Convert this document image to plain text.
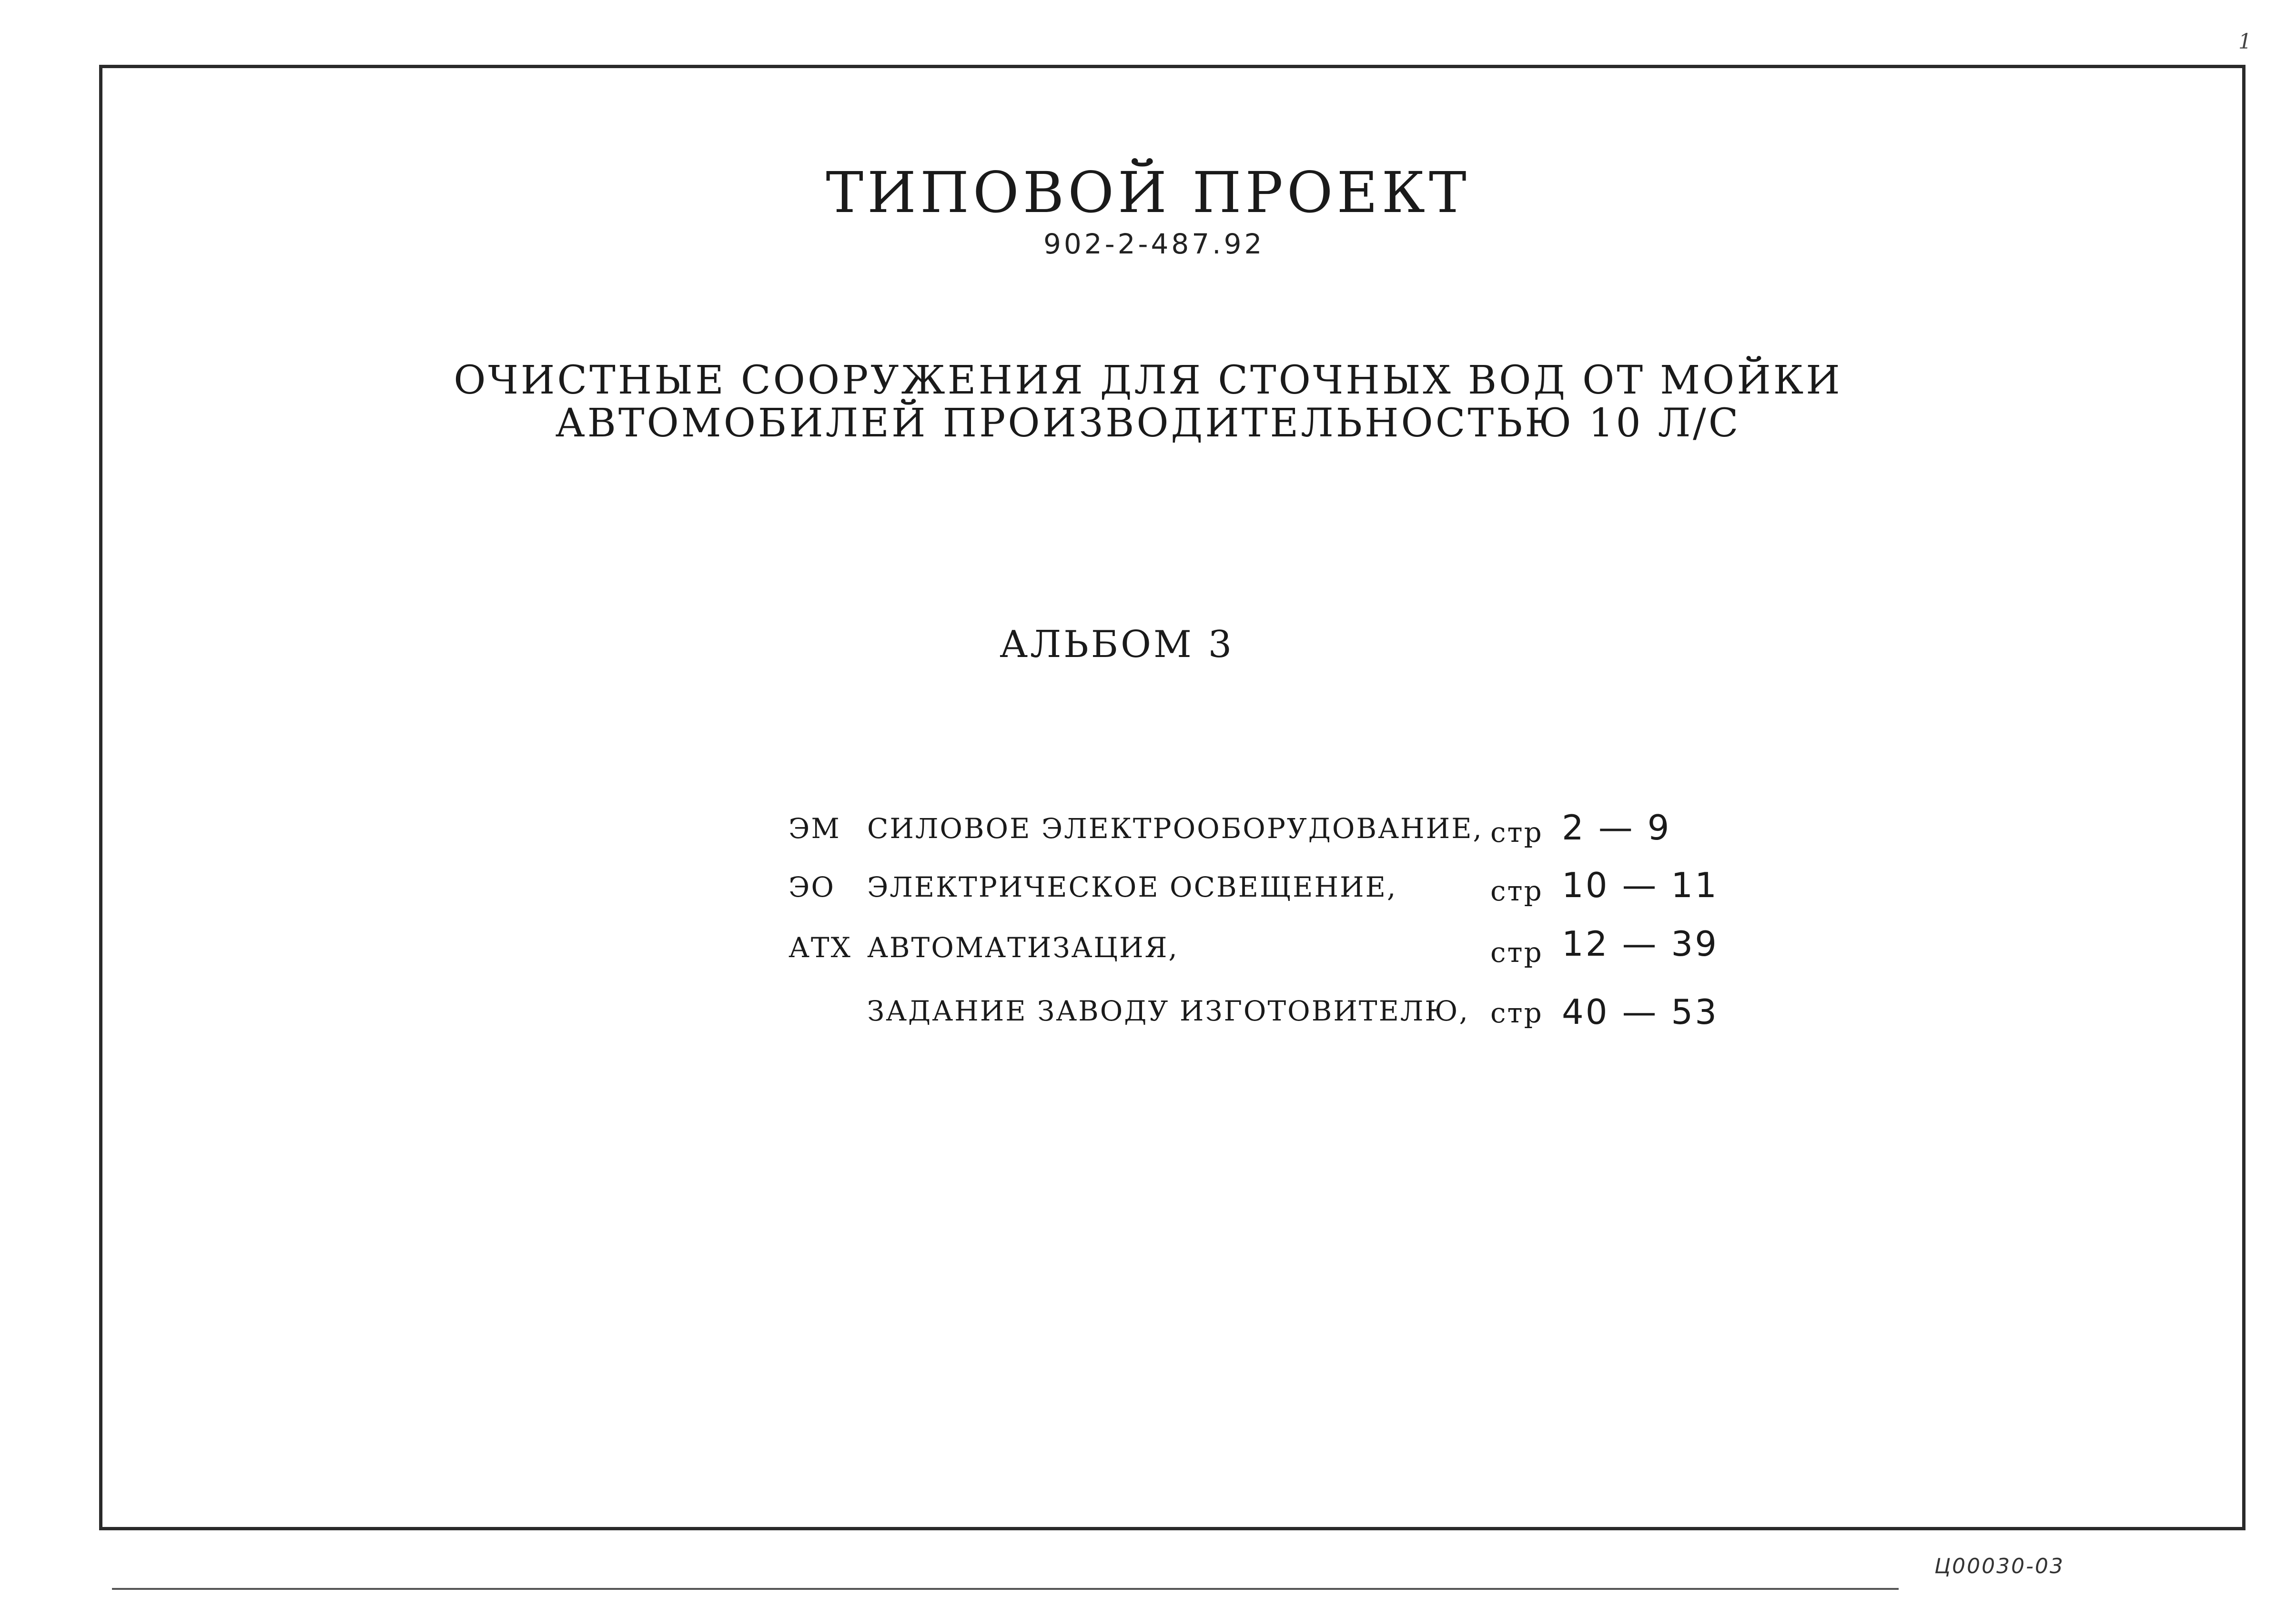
1
ТИПОВОЙ ПРОЕКТ
902-2-487.92
ОЧИСТНЫЕ СООРУЖЕНИЯ ДЛЯ СТОЧНЫХ ВОД ОТ МОЙКИ
АВТОМОБИЛЕЙ ПРОИЗВОДИТЕЛЬНОСТЬЮ 10 Л/С
АЛЬБОМ 3
ЭМ СИЛОВОЕ ЭЛЕКТРООБОРУДОВАНИЕ, стр 2 — 9
ЭО ЭЛЕКТРИЧЕСКОЕ ОСВЕЩЕНИЕ,	стр 10 — 11
АТХ АВТОМАТИЗАЦИЯ,	стр 12 — 39
ЗАДАНИЕ ЗАВОДУ ИЗГОТОВИТЕЛЮ, стр 40 — 53
Ц00030-03
